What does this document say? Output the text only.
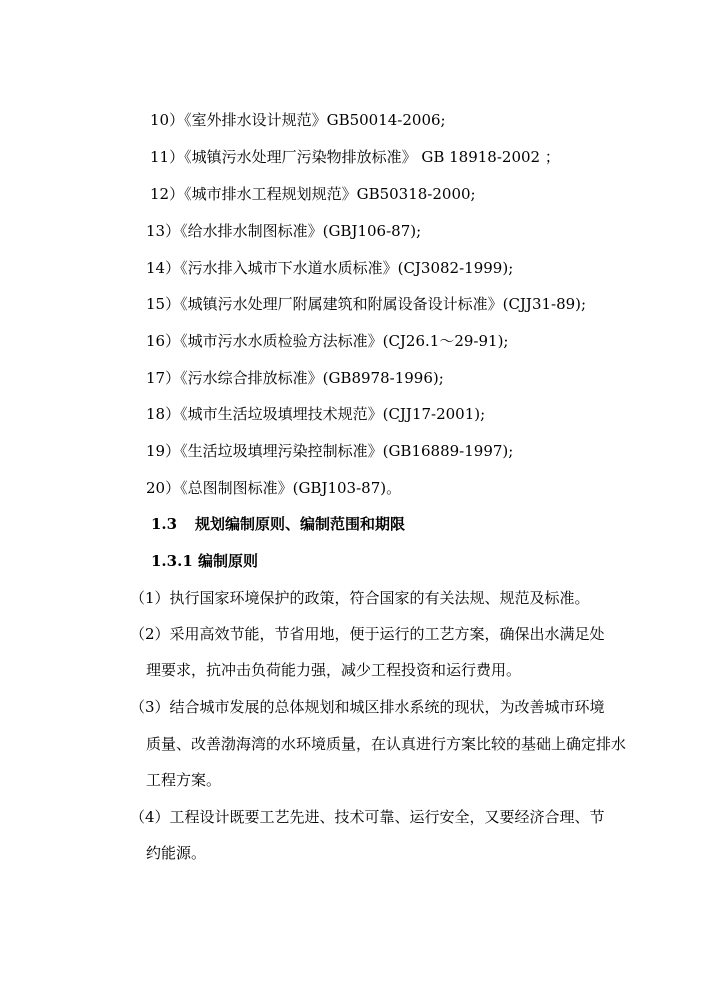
10）《室外排水设计规范》GB50014-2006;
11）《城镇污水处理厂污染物排放标准》 GB 18918-2002 ；
12）《城市排水工程规划规范》GB50318-2000;
13）《给水排水制图标准》(GBJ106-87);
14）《污水排入城市下水道水质标准》(CJ3082-1999);
15）《城镇污水处理厂附属建筑和附属设备设计标准》(CJJ31-89);
16）《城市污水水质检验方法标准》(CJ26.1～29-91);
17）《污水综合排放标准》(GB8978-1996);
18）《城市生活垃圾填埋技术规范》(CJJ17-2001);
19）《生活垃圾填埋污染控制标准》(GB16889-1997);
20）《总图制图标准》(GBJ103-87)。
1.3 规划编制原则、编制范围和期限
1.3.1 编制原则
（1）执行国家环境保护的政策，符合国家的有关法规、规范及标准。
（2）采用高效节能，节省用地，便于运行的工艺方案，确保出水满足处
理要求，抗冲击负荷能力强，减少工程投资和运行费用。
（3）结合城市发展的总体规划和城区排水系统的现状，为改善城市环境
质量、改善渤海湾的水环境质量，在认真进行方案比较的基础上确定排水
工程方案。
（4）工程设计既要工艺先进、技术可靠、运行安全，又要经济合理、节
约能源。
